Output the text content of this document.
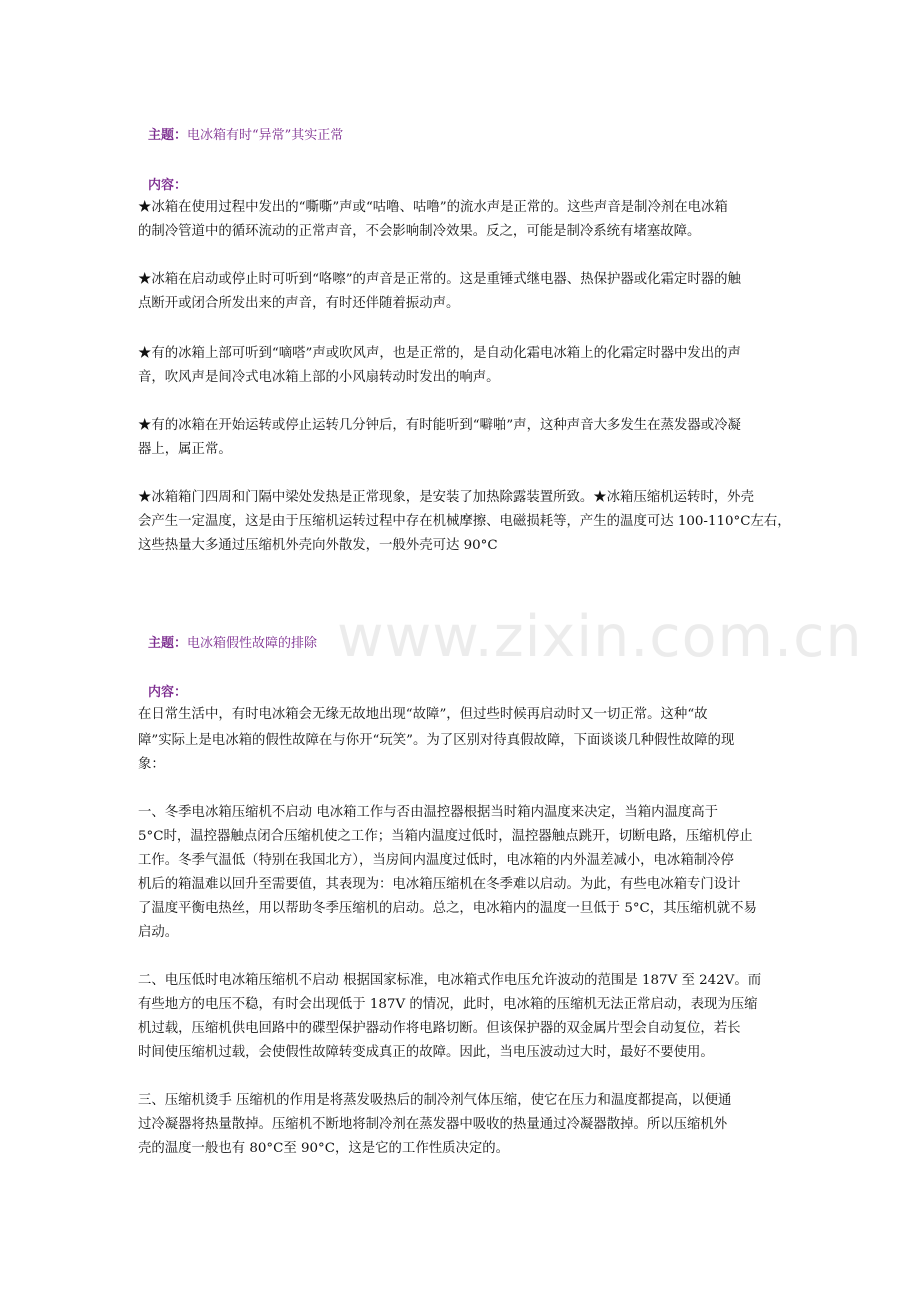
www.zixin.com.cn
主题：电冰箱有时“异常”其实正常
内容：
★冰箱在使用过程中发出的“嘶嘶”声或“咕噜、咕噜”的流水声是正常的。这些声音是制冷剂在电冰箱
的制冷管道中的循环流动的正常声音，不会影响制冷效果。反之，可能是制冷系统有堵塞故障。
★冰箱在启动或停止时可听到“咯嚓”的声音是正常的。这是重锤式继电器、热保护器或化霜定时器的触
点断开或闭合所发出来的声音，有时还伴随着振动声。
★有的冰箱上部可听到“嘀嗒”声或吹风声，也是正常的，是自动化霜电冰箱上的化霜定时器中发出的声
音，吹风声是间冷式电冰箱上部的小风扇转动时发出的响声。
★有的冰箱在开始运转或停止运转几分钟后，有时能听到“噼啪”声，这种声音大多发生在蒸发器或冷凝
器上，属正常。
★冰箱箱门四周和门隔中梁处发热是正常现象，是安装了加热除露装置所致。★冰箱压缩机运转时，外壳
会产生一定温度，这是由于压缩机运转过程中存在机械摩擦、电磁损耗等，产生的温度可达 100-110°C左右，
这些热量大多通过压缩机外壳向外散发，一般外壳可达 90°C
主题：电冰箱假性故障的排除
内容：
在日常生活中，有时电冰箱会无缘无故地出现“故障”，但过些时候再启动时又一切正常。这种“故
障”实际上是电冰箱的假性故障在与你开“玩笑”。为了区别对待真假故障，下面谈谈几种假性故障的现
象：
一、冬季电冰箱压缩机不启动 电冰箱工作与否由温控器根据当时箱内温度来决定，当箱内温度高于
5°C时，温控器触点闭合压缩机使之工作；当箱内温度过低时，温控器触点跳开，切断电路，压缩机停止
工作。冬季气温低（特别在我国北方），当房间内温度过低时，电冰箱的内外温差减小，电冰箱制冷停
机后的箱温难以回升至需要值，其表现为：电冰箱压缩机在冬季难以启动。为此，有些电冰箱专门设计
了温度平衡电热丝，用以帮助冬季压缩机的启动。总之，电冰箱内的温度一旦低于 5°C，其压缩机就不易
启动。
二、电压低时电冰箱压缩机不启动 根据国家标准，电冰箱式作电压允许波动的范围是 187V 至 242V。而
有些地方的电压不稳，有时会出现低于 187V 的情况，此时，电冰箱的压缩机无法正常启动，表现为压缩
机过载，压缩机供电回路中的碟型保护器动作将电路切断。但该保护器的双金属片型会自动复位，若长
时间使压缩机过载，会使假性故障转变成真正的故障。因此，当电压波动过大时，最好不要使用。
三、压缩机烫手 压缩机的作用是将蒸发吸热后的制冷剂气体压缩，使它在压力和温度都提高，以便通
过冷凝器将热量散掉。压缩机不断地将制冷剂在蒸发器中吸收的热量通过冷凝器散掉。所以压缩机外
壳的温度一般也有 80°C至 90°C，这是它的工作性质决定的。
